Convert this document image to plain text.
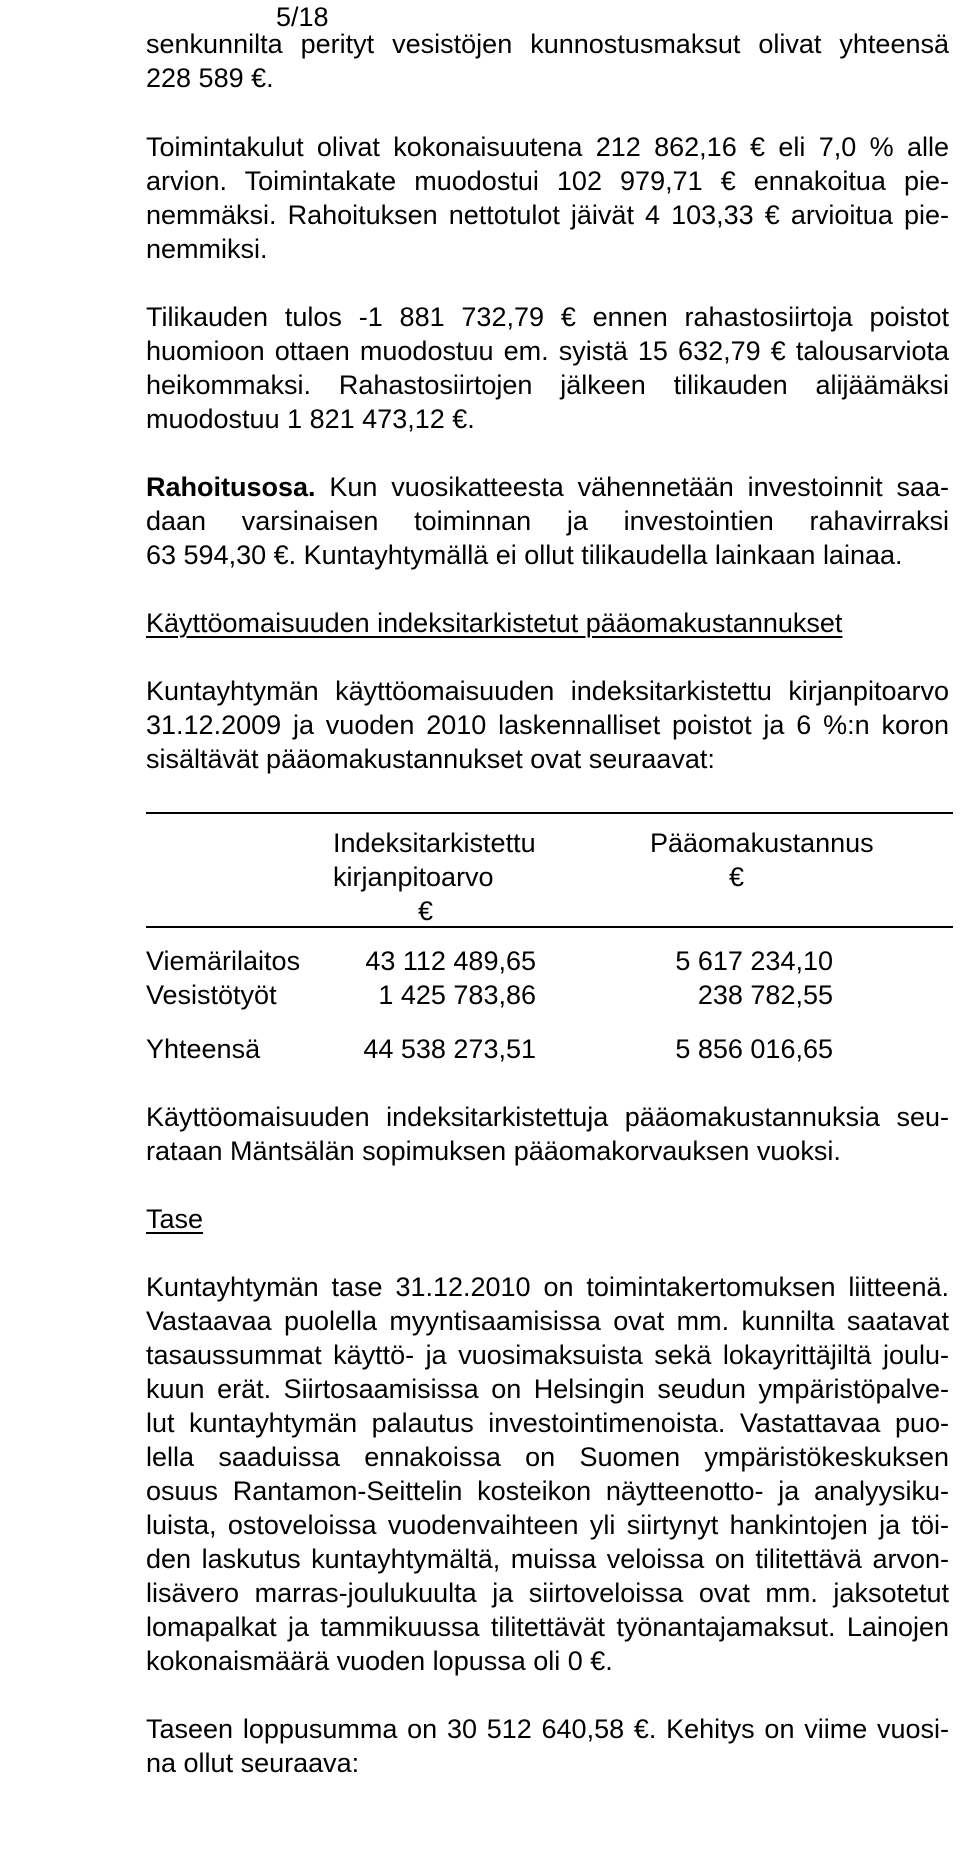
5/18
senkunnilta perityt vesistöjen kunnostusmaksut olivat yhteensä
228 589 €.
Toimintakulut olivat kokonaisuutena 212 862,16 € eli 7,0 % alle
arvion. Toimintakate muodostui 102 979,71 € ennakoitua pie-
nemmäksi. Rahoituksen nettotulot jäivät 4 103,33 € arvioitua pie-
nemmiksi.
Tilikauden tulos -1 881 732,79 € ennen rahastosiirtoja poistot
huomioon ottaen muodostuu em. syistä 15 632,79 € talousarviota
heikommaksi. Rahastosiirtojen jälkeen tilikauden alijäämäksi
muodostuu 1 821 473,12 €.
Rahoitusosa. Kun vuosikatteesta vähennetään investoinnit saa-
daan varsinaisen toiminnan ja investointien rahavirraksi
63 594,30 €. Kuntayhtymällä ei ollut tilikaudella lainkaan lainaa.
Käyttöomaisuuden indeksitarkistetut pääomakustannukset
Kuntayhtymän käyttöomaisuuden indeksitarkistettu kirjanpitoarvo
31.12.2009 ja vuoden 2010 laskennalliset poistot ja 6 %:n koron
sisältävät pääomakustannukset ovat seuraavat:
Indeksitarkistettu
kirjanpitoarvo
€
Pääomakustannus
€
Viemärilaitos	43 112 489,65	5 617 234,10
Vesistötyöt	1 425 783,86	238 782,55
Yhteensä	44 538 273,51	5 856 016,65
Käyttöomaisuuden indeksitarkistettuja pääomakustannuksia seu-
rataan Mäntsälän sopimuksen pääomakorvauksen vuoksi.
Tase
Kuntayhtymän tase 31.12.2010 on toimintakertomuksen liitteenä.
Vastaavaa puolella myyntisaamisissa ovat mm. kunnilta saatavat
tasaussummat käyttö- ja vuosimaksuista sekä lokayrittäjiltä joulu-
kuun erät. Siirtosaamisissa on Helsingin seudun ympäristöpalve-
lut kuntayhtymän palautus investointimenoista. Vastattavaa puo-
lella saaduissa ennakoissa on Suomen ympäristökeskuksen
osuus Rantamon-Seittelin kosteikon näytteenotto- ja analyysiku-
luista, ostoveloissa vuodenvaihteen yli siirtynyt hankintojen ja töi-
den laskutus kuntayhtymältä, muissa veloissa on tilitettävä arvon-
lisävero marras-joulukuulta ja siirtoveloissa ovat mm. jaksotetut
lomapalkat ja tammikuussa tilitettävät työnantajamaksut. Lainojen
kokonaismäärä vuoden lopussa oli 0 €.
Taseen loppusumma on 30 512 640,58 €. Kehitys on viime vuosi-
na ollut seuraava:
